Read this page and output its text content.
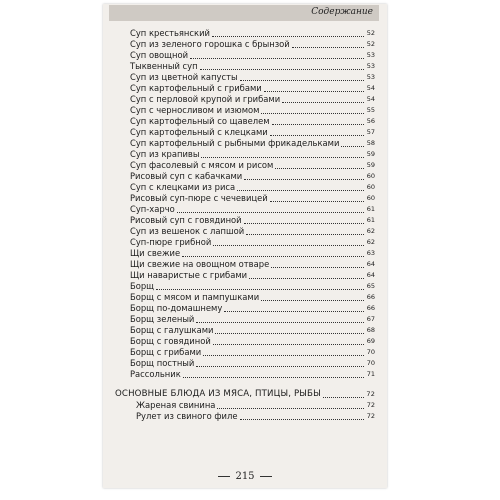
Содержание
Суп крестьянский	52
Суп из зеленого горошка с брынзой	52
Суп овощной	53
Тыквенный суп	53
Суп из цветной капусты	53
Суп картофельный с грибами	54
Суп с перловой крупой и грибами	54
Суп с черносливом и изюмом	55
Суп картофельный со щавелем	56
Суп картофельный с клецками	57
Суп картофельный с рыбными фрикадельками	58
Суп из крапивы	59
Суп фасолевый с мясом и рисом	59
Рисовый суп с кабачками	60
Суп с клецками из риса	60
Рисовый суп-пюре с чечевицей	60
Суп-харчо	61
Рисовый суп с говядиной	61
Суп из вешенок с лапшой	62
Суп-пюре грибной	62
Щи свежие	63
Щи свежие на овощном отваре	64
Щи наваристые с грибами	64
Борщ	65
Борщ с мясом и пампушками	66
Борщ по-домашнему	66
Борщ зеленый	67
Борщ с галушками	68
Борщ с говядиной	69
Борщ с грибами	70
Борщ постный	70
Рассольник	71
ОСНОВНЫЕ БЛЮДА ИЗ МЯСА, ПТИЦЫ, РЫБЫ	72
Жареная свинина	72
Рулет из свиного филе	72
215
